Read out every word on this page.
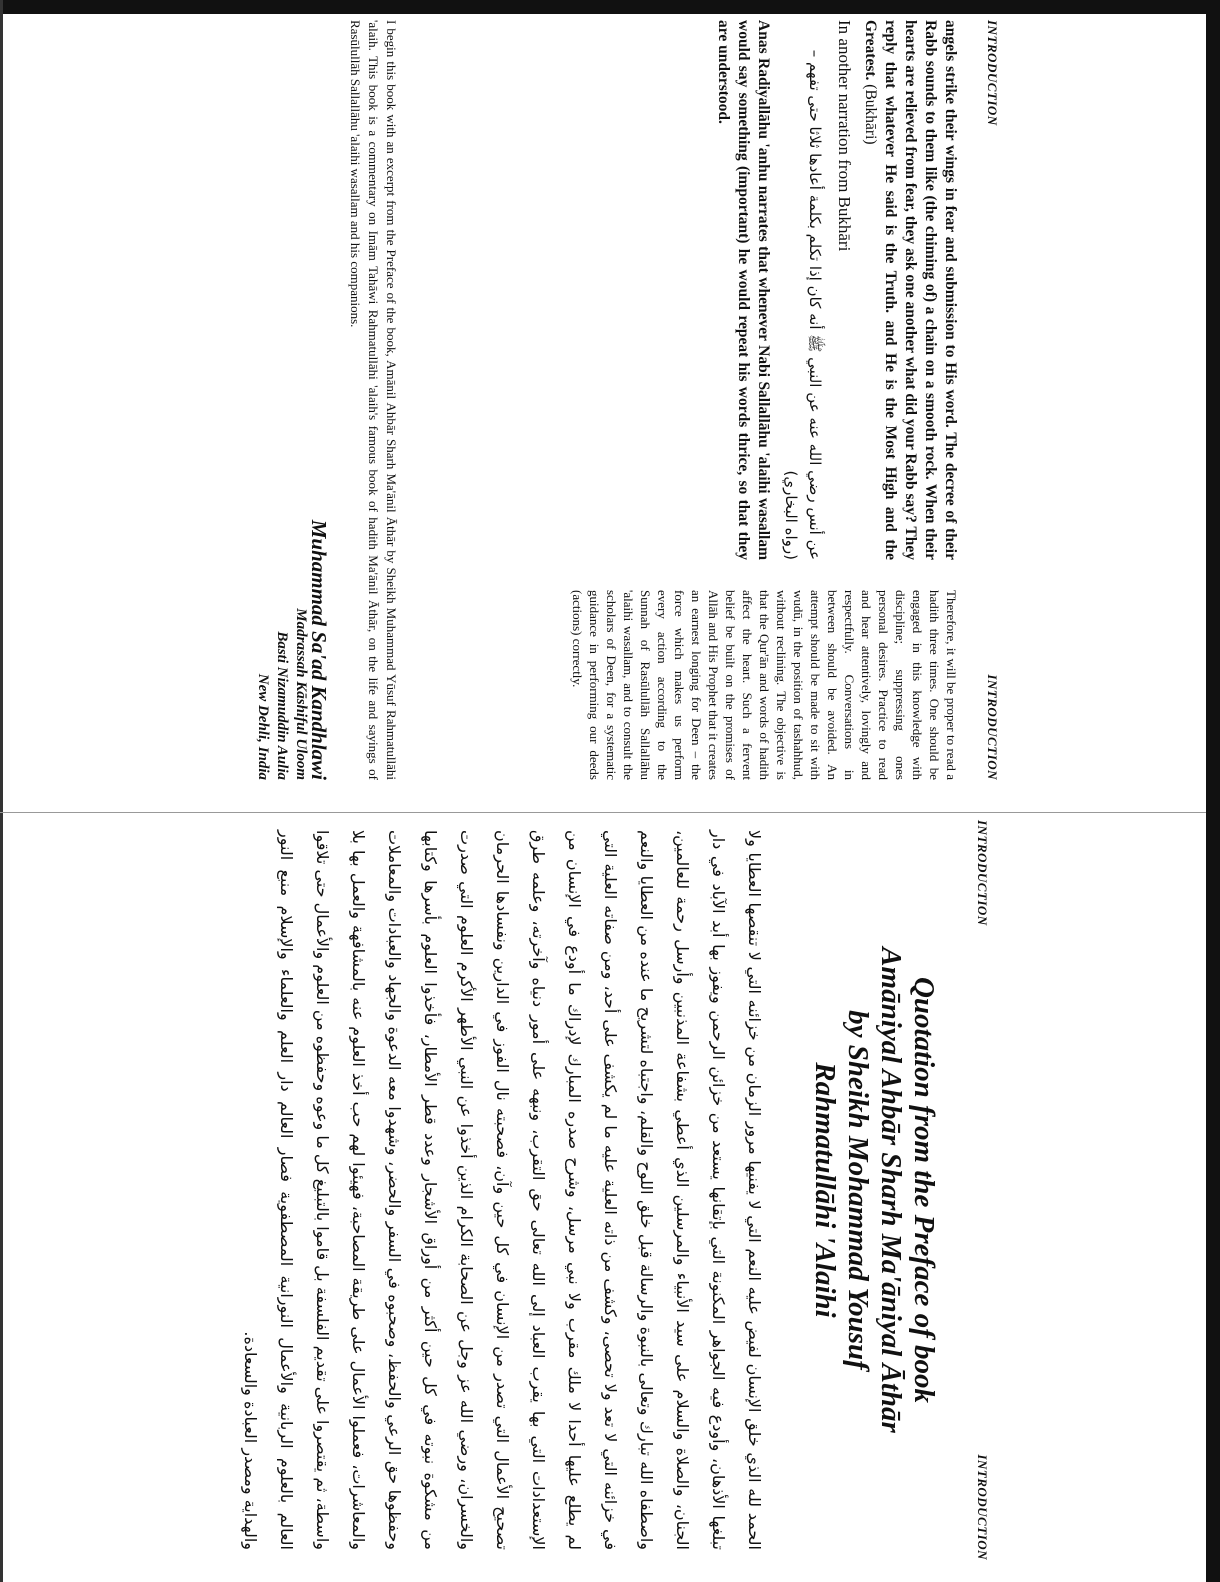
INTRODUCTION
INTRODUCTION

angels strike their wings in fear and submission to His word. The decree of their Rabb sounds to them like (the chiming of) a chain on a smooth rock. When their hearts are relieved from fear, they ask one another what did your Rabb say? They reply that whatever He said is the Truth. and He is the Most High and the Greatest. (Bukhāri)

In another narration from Bukhāri

عن أنس رضي الله عنه عن النبي ﷺ أنه كان إذا تكلم بكلمة أعادها ثلاثا حتى تفهم – (رواه البخاري)

Anas Radiyallāhu 'anhu narrates that whenever Nabi Sallallāhu 'alaihi wasallam would say something (important) he would repeat his words thrice, so that they are understood.

Therefore, it will be proper to read a hadith three times. One should be engaged in this knowledge with discipline; suppressing ones personal desires. Practice to read and hear attentively, lovingly and respectfully. Conversations in between should be avoided. An attempt should be made to sit with wudū, in the position of tashahhud, without reclining. The objective is that the Qur'ān and words of hadith affect the heart. Such a fervent belief be built on the promises of Allāh and His Prophet that it creates an earnest longing for Deen – the force which makes us perform every action according to the Sunnah of Rasūlullāh Sallallāhu 'alaihi wasallam, and to consult the scholars of Deen, for a systematic guidance in performing our deeds (actions) correctly.

I begin this book with an excerpt from the Preface of the book, Amānil Ahbār Sharh Ma'ānil Āthār by Sheikh Muhammad Yūsuf Rahmatullāhi 'alaih. This book is a commentary on Imām Tahāwi Rahmatullāhi 'alaih's famous book of hadith Ma'ānil Āthār, on the life and sayings of Rasūlullāh Sallallāhu 'alaihi wasallam and his companions.

Muhammad Sa'ad Kandhlawi
Madrassah Kāshiful Uloom
Basti Nizamuddin Aulia
New Dehli, India
INTRODUCTION
INTRODUCTION
Quotation from the Preface of book
Amāniyal Ahbār Sharh Ma'āniyal Āthār
by Sheikh Mohammad Yousuf
Rahmatullāhi 'Alaihi
الحمد لله الذي خلق الإنسان لفيض عليه النعم التي لا يفنيها مرور الزمان من خزائنه التي لا تنقصها العطايا ولا تبلغها الأذهان، وأودع فيه الجواهر المكنونة التي بإتقانها يستعد من خزائن الرحمن ويفوز بها أبد الآباد في دار الجنان، والصلاة والسلام على سيد الأنبياء والمرسلين الذي أعطي بشفاعة المذنبين وأرسل رحمة للعالمين، واصطفاه الله تبارك وتعالى بالنبوة والرسالة قبل خلق اللوح والقلم، واجتباه لتشريح ما عنده من العطايا والنعم في خزائنه التي لا تعد ولا تحصى، وكشف من ذاته العلية عليه ما لم يكشف على أحد، ومن صفاته العلية التي لم يطلع عليها أحدا لا ملك مقرب ولا نبي مرسل، وشرح صدره المبارك لإدراك ما أودع في الإنسان من الإستعدادات التي بها يقرب العباد إلى الله تعالى حق التقرب، ونبهه على أمور دنياه وآخرته، وعلمه طرق تصحيح الأعمال التي تصدر من الإنسان في كل حين وآن، فصحبته نال الفوز في الدارين ونفسادها الحرمان والخسران، ورضي الله عز وجل عن الصحابة الكرام الذين أخذوا عن النبي الأطهر الأكرم العلوم التي صدرت من مشكوة نبوته في كل حين أكثر من أوراق الأشجار وعدد قطر الأمطار، فأخذوا العلوم بأسرها وكتابها وحفظوها حق الرعي والحفظ، وصحبوه في السفر والحضر، وشهدوا معه الدعوة والجهاد والعبادات والمعاملات والمعاشرات، فعملوا الأعمال على طريقة المصاحبة، فهيئوا لهم حب أخذ العلوم عنه بالمشافهة والعمل بها بلا واسطة، ثم يقتصروا على تقديم الفلسفة بل قاموا بالتبليغ كل ما وعوه وحفظوه من العلوم والأعمال حتى تلاقوا العالم بالعلوم الربانية والأعمال النورانية المصطفوية فصار العالم دار العلم والعلماء والإسلام منبع النور والهداية ومصدر العبادة والسعادة.
